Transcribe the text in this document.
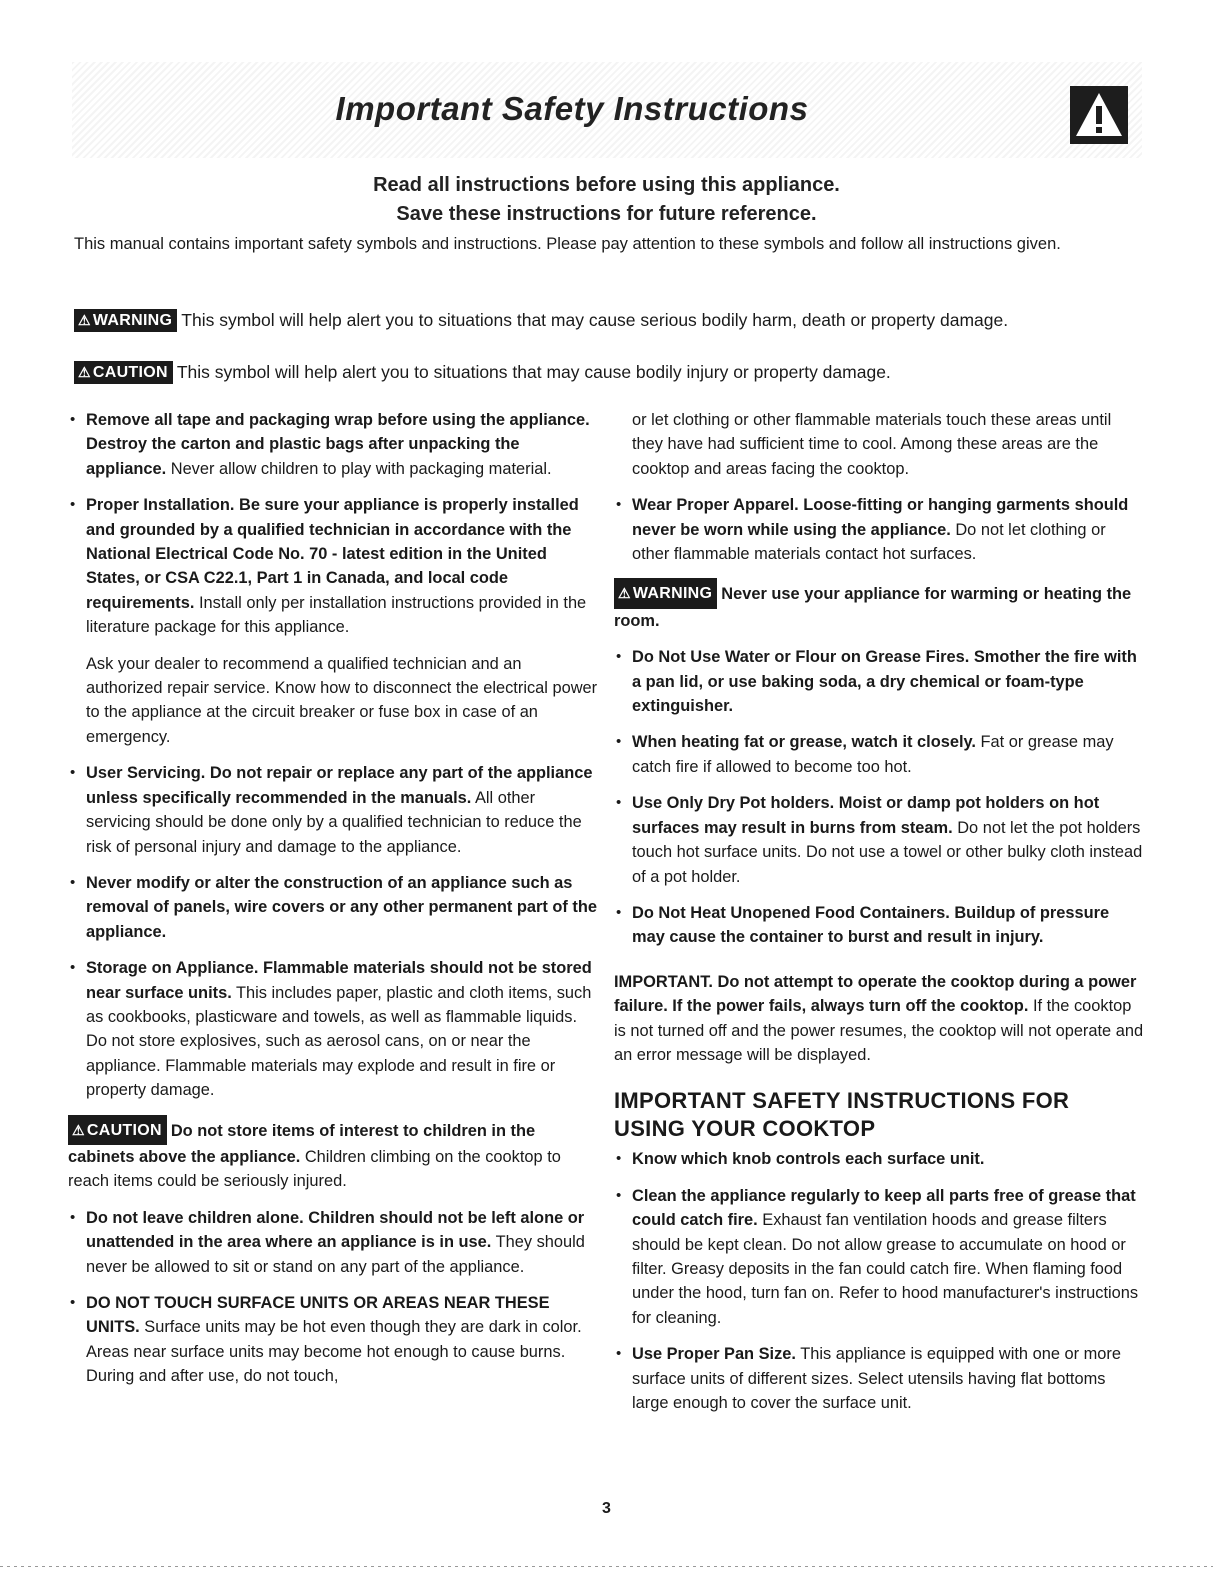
Important Safety Instructions
Read all instructions before using this appliance.
Save these instructions for future reference.
This manual contains important safety symbols and instructions. Please pay attention to these symbols and follow all instructions given.
⚠ WARNING This symbol will help alert you to situations that may cause serious bodily harm, death or property damage.
⚠ CAUTION This symbol will help alert you to situations that may cause bodily injury or property damage.
• Remove all tape and packaging wrap before using the appliance. Destroy the carton and plastic bags after unpacking the appliance. Never allow children to play with packaging material.
• Proper Installation. Be sure your appliance is properly installed and grounded by a qualified technician in accordance with the National Electrical Code No. 70 - latest edition in the United States, or CSA C22.1, Part 1 in Canada, and local code requirements. Install only per installation instructions provided in the literature package for this appliance.
Ask your dealer to recommend a qualified technician and an authorized repair service. Know how to disconnect the electrical power to the appliance at the circuit breaker or fuse box in case of an emergency.
• User Servicing. Do not repair or replace any part of the appliance unless specifically recommended in the manuals. All other servicing should be done only by a qualified technician to reduce the risk of personal injury and damage to the appliance.
• Never modify or alter the construction of an appliance such as removal of panels, wire covers or any other permanent part of the appliance.
• Storage on Appliance. Flammable materials should not be stored near surface units. This includes paper, plastic and cloth items, such as cookbooks, plasticware and towels, as well as flammable liquids. Do not store explosives, such as aerosol cans, on or near the appliance. Flammable materials may explode and result in fire or property damage.
⚠ CAUTION Do not store items of interest to children in the cabinets above the appliance. Children climbing on the cooktop to reach items could be seriously injured.
• Do not leave children alone. Children should not be left alone or unattended in the area where an appliance is in use. They should never be allowed to sit or stand on any part of the appliance.
• DO NOT TOUCH SURFACE UNITS OR AREAS NEAR THESE UNITS. Surface units may be hot even though they are dark in color. Areas near surface units may become hot enough to cause burns. During and after use, do not touch,
or let clothing or other flammable materials touch these areas until they have had sufficient time to cool. Among these areas are the cooktop and areas facing the cooktop.
• Wear Proper Apparel. Loose-fitting or hanging garments should never be worn while using the appliance. Do not let clothing or other flammable materials contact hot surfaces.
⚠ WARNING Never use your appliance for warming or heating the room.
• Do Not Use Water or Flour on Grease Fires. Smother the fire with a pan lid, or use baking soda, a dry chemical or foam-type extinguisher.
• When heating fat or grease, watch it closely. Fat or grease may catch fire if allowed to become too hot.
• Use Only Dry Pot holders. Moist or damp pot holders on hot surfaces may result in burns from steam. Do not let the pot holders touch hot surface units. Do not use a towel or other bulky cloth instead of a pot holder.
• Do Not Heat Unopened Food Containers. Buildup of pressure may cause the container to burst and result in injury.
IMPORTANT. Do not attempt to operate the cooktop during a power failure. If the power fails, always turn off the cooktop. If the cooktop is not turned off and the power resumes, the cooktop will not operate and an error message will be displayed.
IMPORTANT SAFETY INSTRUCTIONS FOR USING YOUR COOKTOP
• Know which knob controls each surface unit.
• Clean the appliance regularly to keep all parts free of grease that could catch fire. Exhaust fan ventilation hoods and grease filters should be kept clean. Do not allow grease to accumulate on hood or filter. Greasy deposits in the fan could catch fire. When flaming food under the hood, turn fan on. Refer to hood manufacturer's instructions for cleaning.
• Use Proper Pan Size. This appliance is equipped with one or more surface units of different sizes. Select utensils having flat bottoms large enough to cover the surface unit.
3
